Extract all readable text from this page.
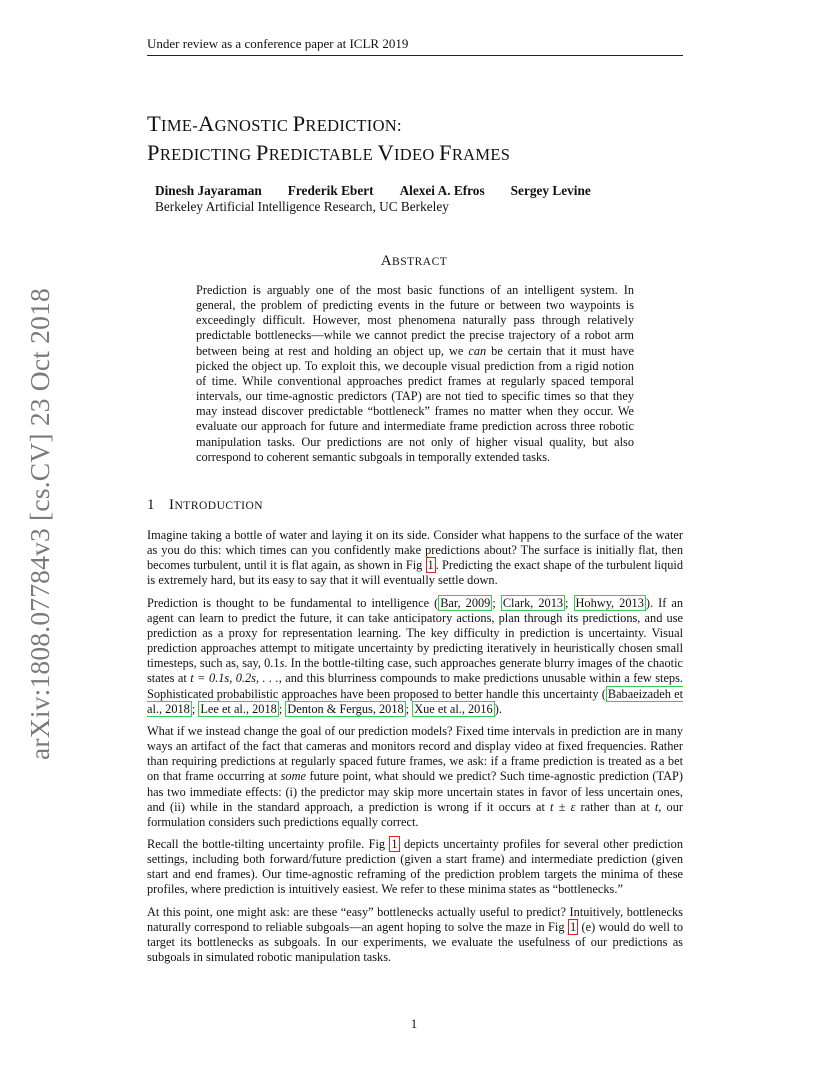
Under review as a conference paper at ICLR 2019
arXiv:1808.07784v3 [cs.CV] 23 Oct 2018
TIME-AGNOSTIC PREDICTION:
PREDICTING PREDICTABLE VIDEO FRAMES
Dinesh Jayaraman Frederik Ebert Alexei A. Efros Sergey Levine
Berkeley Artificial Intelligence Research, UC Berkeley
ABSTRACT
Prediction is arguably one of the most basic functions of an intelligent system. In general, the problem of predicting events in the future or between two waypoints is exceedingly difficult. However, most phenomena naturally pass through relatively predictable bottlenecks—while we cannot predict the precise trajectory of a robot arm between being at rest and holding an object up, we can be certain that it must have picked the object up. To exploit this, we decouple visual prediction from a rigid notion of time. While conventional approaches predict frames at regularly spaced temporal intervals, our time-agnostic predictors (TAP) are not tied to specific times so that they may instead discover predictable “bottleneck” frames no matter when they occur. We evaluate our approach for future and intermediate frame prediction across three robotic manipulation tasks. Our predictions are not only of higher visual quality, but also correspond to coherent semantic subgoals in temporally extended tasks.
1 INTRODUCTION

Imagine taking a bottle of water and laying it on its side. Consider what happens to the surface of the water as you do this: which times can you confidently make predictions about? The surface is initially flat, then becomes turbulent, until it is flat again, as shown in Fig 1 . Predicting the exact shape of the turbulent liquid is extremely hard, but its easy to say that it will eventually settle down.

Prediction is thought to be fundamental to intelligence ( Bar, 2009 ; Clark, 2013 ; Hohwy, 2013 ). If an agent can learn to predict the future, it can take anticipatory actions, plan through its predictions, and use prediction as a proxy for representation learning. The key difficulty in prediction is uncertainty. Visual prediction approaches attempt to mitigate uncertainty by predicting iteratively in heuristically chosen small timesteps, such as, say, 0.1s. In the bottle-tilting case, such approaches generate blurry images of the chaotic states at t = 0.1s, 0.2s, . . ., and this blurriness compounds to make predictions unusable within a few steps. Sophisticated probabilistic approaches have been proposed to better handle this uncertainty ( Babaeizadeh et al., 2018 ; Lee et al., 2018 ; Denton & Fergus, 2018 ; Xue et al., 2016 ).

What if we instead change the goal of our prediction models? Fixed time intervals in prediction are in many ways an artifact of the fact that cameras and monitors record and display video at fixed frequencies. Rather than requiring predictions at regularly spaced future frames, we ask: if a frame prediction is treated as a bet on that frame occurring at some future point, what should we predict? Such time-agnostic prediction (TAP) has two immediate effects: (i) the predictor may skip more uncertain states in favor of less uncertain ones, and (ii) while in the standard approach, a prediction is wrong if it occurs at t ± ε rather than at t, our formulation considers such predictions equally correct.

Recall the bottle-tilting uncertainty profile. Fig 1 depicts uncertainty profiles for several other prediction settings, including both forward/future prediction (given a start frame) and intermediate prediction (given start and end frames). Our time-agnostic reframing of the prediction problem targets the minima of these profiles, where prediction is intuitively easiest. We refer to these minima states as “bottlenecks.”

At this point, one might ask: are these “easy” bottlenecks actually useful to predict? Intuitively, bottlenecks naturally correspond to reliable subgoals—an agent hoping to solve the maze in Fig 1 (e) would do well to target its bottlenecks as subgoals. In our experiments, we evaluate the usefulness of our predictions as subgoals in simulated robotic manipulation tasks.

1
